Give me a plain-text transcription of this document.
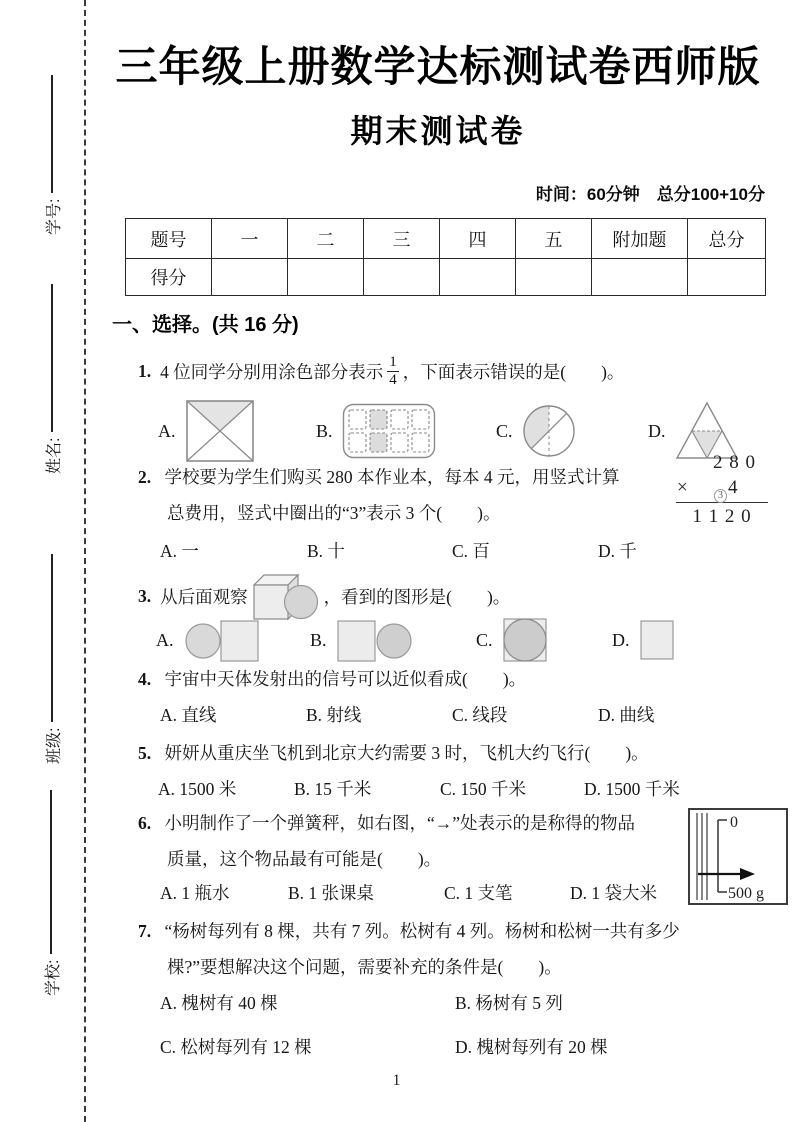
学号:
姓名:
班级:
学校:
三年级上册数学达标测试卷西师版
期末测试卷
时间：60分钟　总分100+10分
题号	一	二	三	四	五	附加题	总分
得分							
一、选择。(共 16 分)
1. 4 位同学分别用涂色部分表示 $\frac{1}{4}$ ，下面表示错误的是(　　)。
A.	B.	C.	D.
2. 学校要为学生们购买 280 本作业本，每本 4 元，用竖式计算
总费用，竖式中圈出的“3”表示 3 个(　　)。
2 8 0
×	3 4
1 1 2 0
A. 一	B. 十	C. 百	D. 千
3. 从后面观察	，看到的图形是(　　)。
A.	B.	C.	D.
4. 宇宙中天体发射出的信号可以近似看成(　　)。
A. 直线	B. 射线	C. 线段	D. 曲线
5. 妍妍从重庆坐飞机到北京大约需要 3 时，飞机大约飞行(　　)。
A. 1500 米	B. 15 千米	C. 150 千米	D. 1500 千米
6. 小明制作了一个弹簧秤，如右图，“→”处表示的是称得的物品
质量，这个物品最有可能是(　　)。
A. 1 瓶水	B. 1 张课桌	C. 1 支笔	D. 1 袋大米
0
500 g
7. “杨树每列有 8 棵，共有 7 列。松树有 4 列。杨树和松树一共有多少
棵?”要想解决这个问题，需要补充的条件是(　　)。
A. 槐树有 40 棵	B. 杨树有 5 列
C. 松树每列有 12 棵	D. 槐树每列有 20 棵
1
